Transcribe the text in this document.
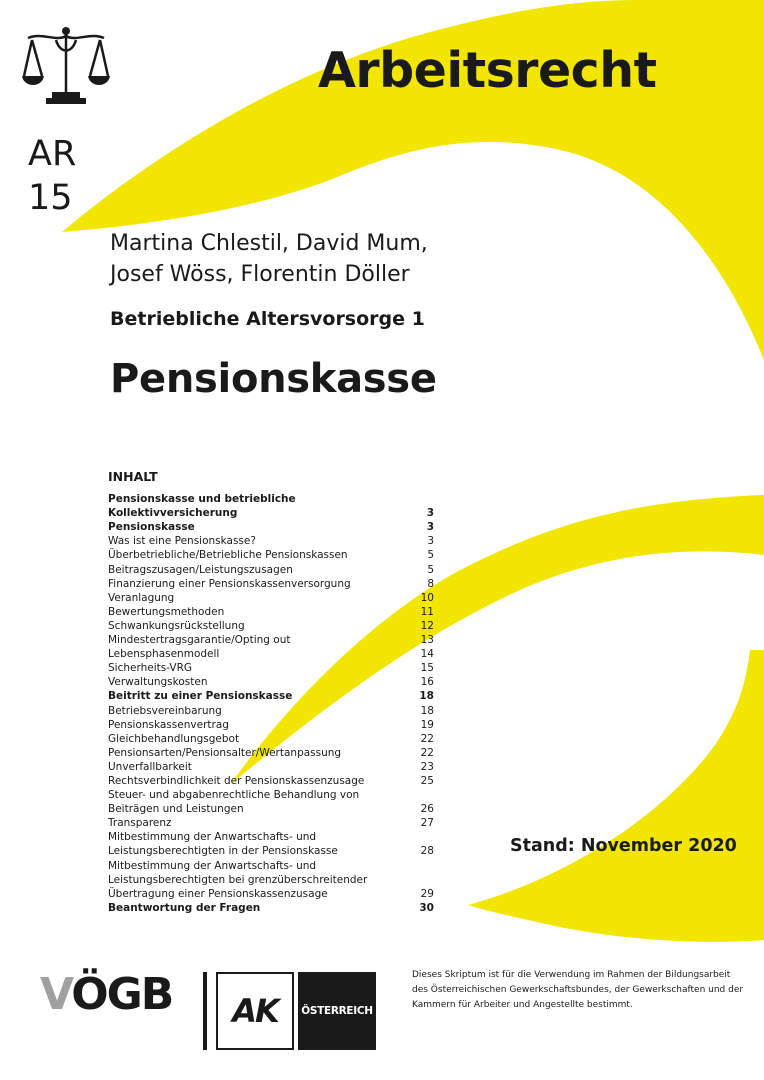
Arbeitsrecht
AR
15
Martina Chlestil, David Mum,
Josef Wöss, Florentin Döller
Betriebliche Altersvorsorge 1
Pensionskasse
INHALT
Pensionskasse und betriebliche Kollektivversicherung	3
Pensionskasse	3
Was ist eine Pensionskasse?	3
Überbetriebliche/Betriebliche Pensionskassen	5
Beitragszusagen/Leistungszusagen	5
Finanzierung einer Pensionskassenversorgung	8
Veranlagung	10
Bewertungsmethoden	11
Schwankungsrückstellung	12
Mindestertragsgarantie/Opting out	13
Lebensphasenmodell	14
Sicherheits-VRG	15
Verwaltungskosten	16
Beitritt zu einer Pensionskasse	18
Betriebsvereinbarung	18
Pensionskassenvertrag	19
Gleichbehandlungsgebot	22
Pensionsarten/Pensionsalter/Wertanpassung	22
Unverfallbarkeit	23
Rechtsverbindlichkeit der Pensionskassenzusage	25
Steuer- und abgabenrechtliche Behandlung von Beiträgen und Leistungen	26
Transparenz	27
Mitbestimmung der Anwartschafts- und Leistungsberechtigten in der Pensionskasse	28
Mitbestimmung der Anwartschafts- und Leistungsberechtigten bei grenzüberschreitender Übertragung einer Pensionskassenzusage	29
Beantwortung der Fragen	30
Stand: November 2020
VÖGB AK ÖSTERREICH
Dieses Skriptum ist für die Verwendung im Rahmen der Bildungsarbeit des Österreichischen Gewerkschaftsbundes, der Gewerkschaften und der Kammern für Arbeiter und Angestellte bestimmt.
